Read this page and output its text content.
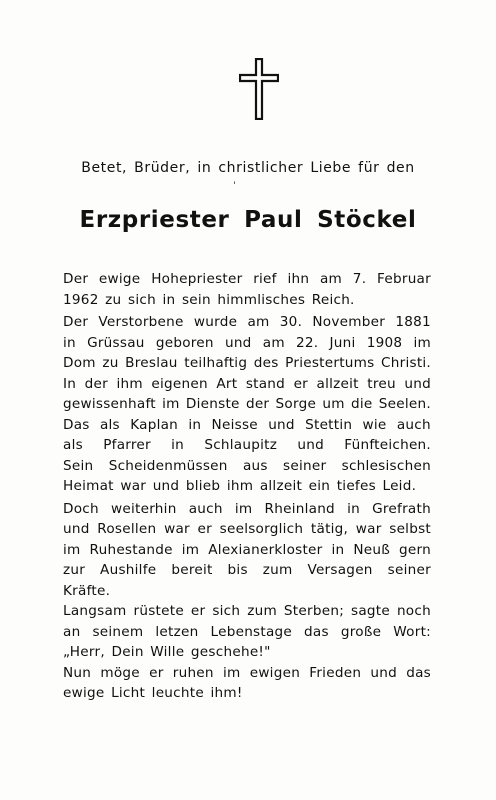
Betet, Brüder, in christlicher Liebe für den
ˈ
Erzpriester Paul Stöckel
Der ewige Hohepriester rief ihn am 7. Februar
1962 zu sich in sein himmlisches Reich.
Der Verstorbene wurde am 30. November 1881
in Grüssau geboren und am 22. Juni 1908 im
Dom zu Breslau teilhaftig des Priestertums Christi.
In der ihm eigenen Art stand er allzeit treu und
gewissenhaft im Dienste der Sorge um die Seelen.
Das als Kaplan in Neisse und Stettin wie auch
als Pfarrer in Schlaupitz und Fünfteichen.
Sein Scheidenmüssen aus seiner schlesischen
Heimat war und blieb ihm allzeit ein tiefes Leid.
Doch weiterhin auch im Rheinland in Grefrath
und Rosellen war er seelsorglich tätig, war selbst
im Ruhestande im Alexianerkloster in Neuß gern
zur Aushilfe bereit bis zum Versagen seiner
Kräfte.
Langsam rüstete er sich zum Sterben; sagte noch
an seinem letzen Lebenstage das große Wort:
„Herr, Dein Wille geschehe!"
Nun möge er ruhen im ewigen Frieden und das
ewige Licht leuchte ihm!
